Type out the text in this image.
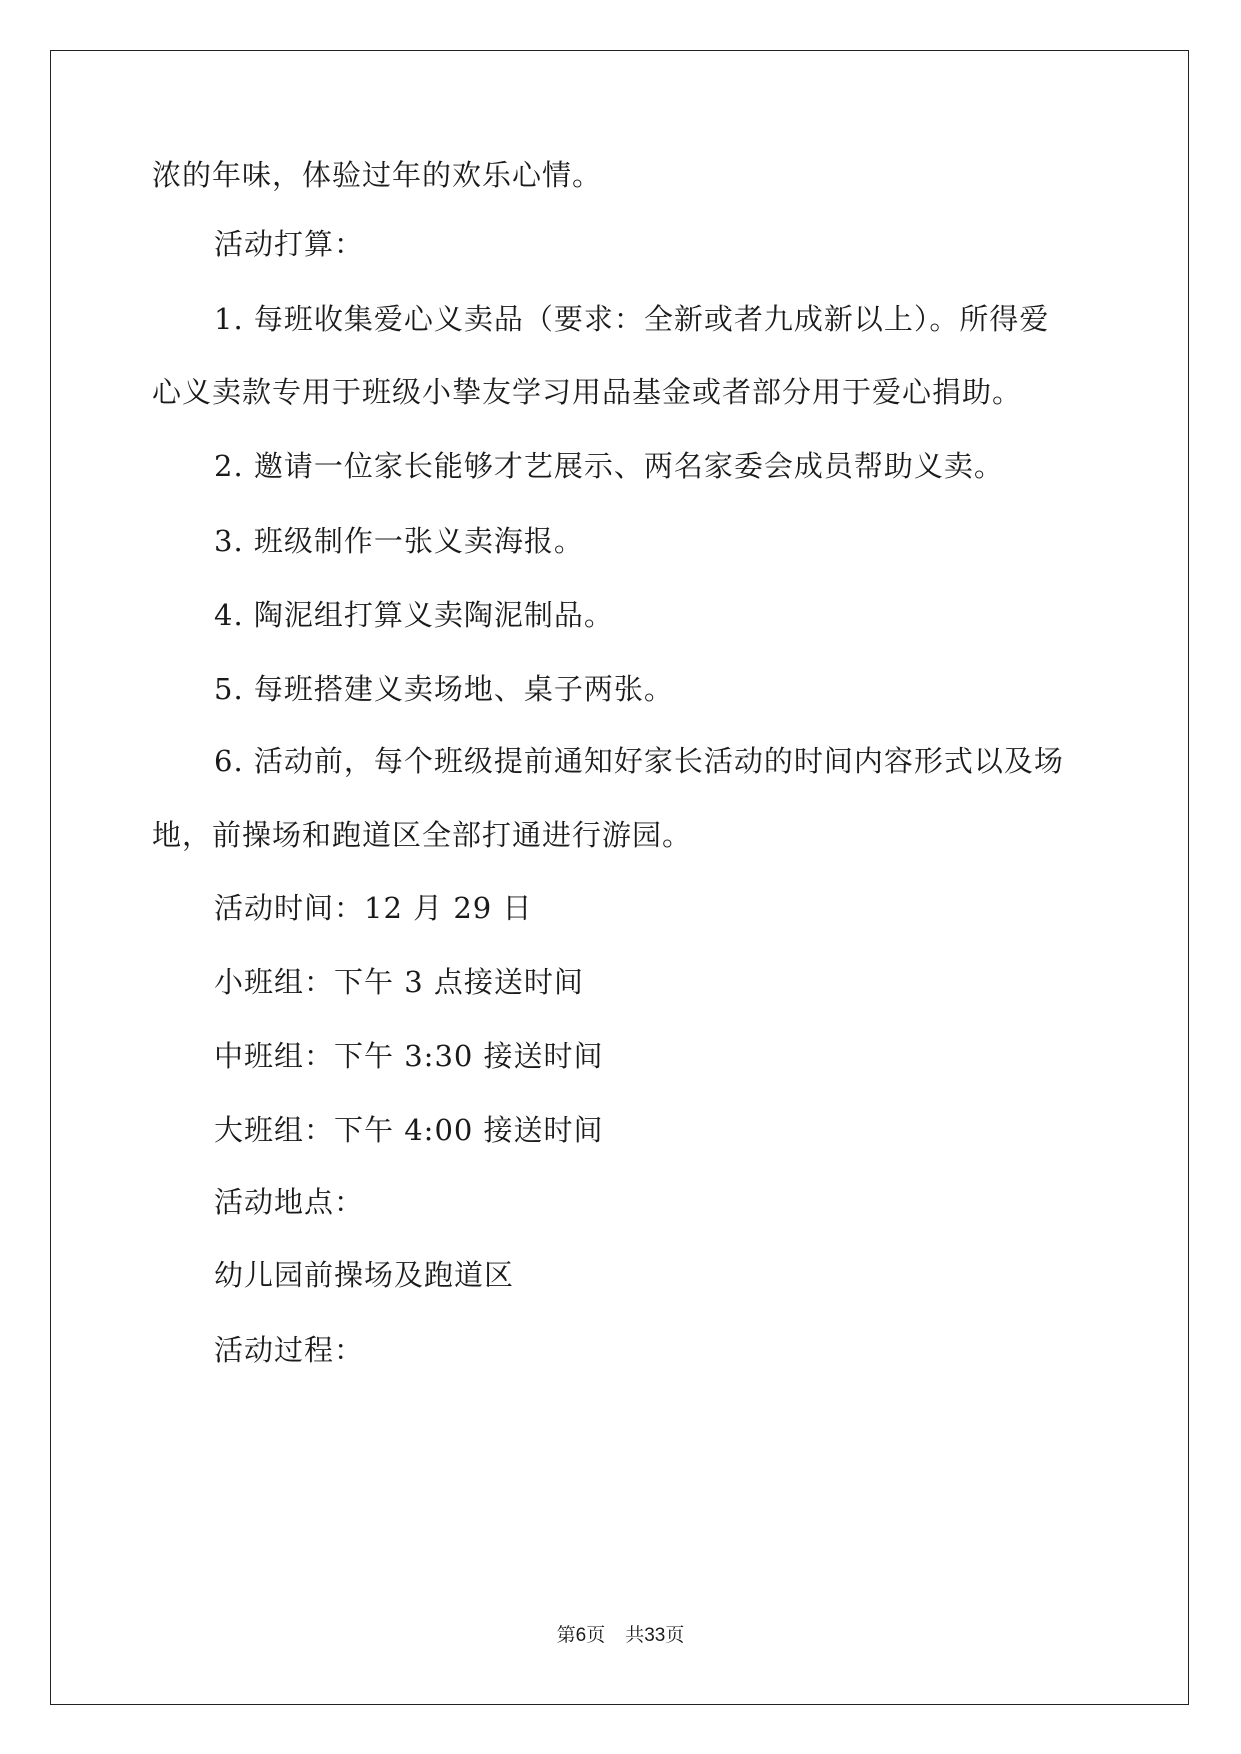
浓的年味，体验过年的欢乐心情。
活动打算：
1. 每班收集爱心义卖品（要求：全新或者九成新以上）。所得爱
心义卖款专用于班级小挚友学习用品基金或者部分用于爱心捐助。
2. 邀请一位家长能够才艺展示、两名家委会成员帮助义卖。
3. 班级制作一张义卖海报。
4. 陶泥组打算义卖陶泥制品。
5. 每班搭建义卖场地、桌子两张。
6. 活动前，每个班级提前通知好家长活动的时间内容形式以及场
地，前操场和跑道区全部打通进行游园。
活动时间：12 月 29 日
小班组：下午 3 点接送时间
中班组：下午 3:30 接送时间
大班组：下午 4:00 接送时间
活动地点：
幼儿园前操场及跑道区
活动过程：
第6页 共33页
